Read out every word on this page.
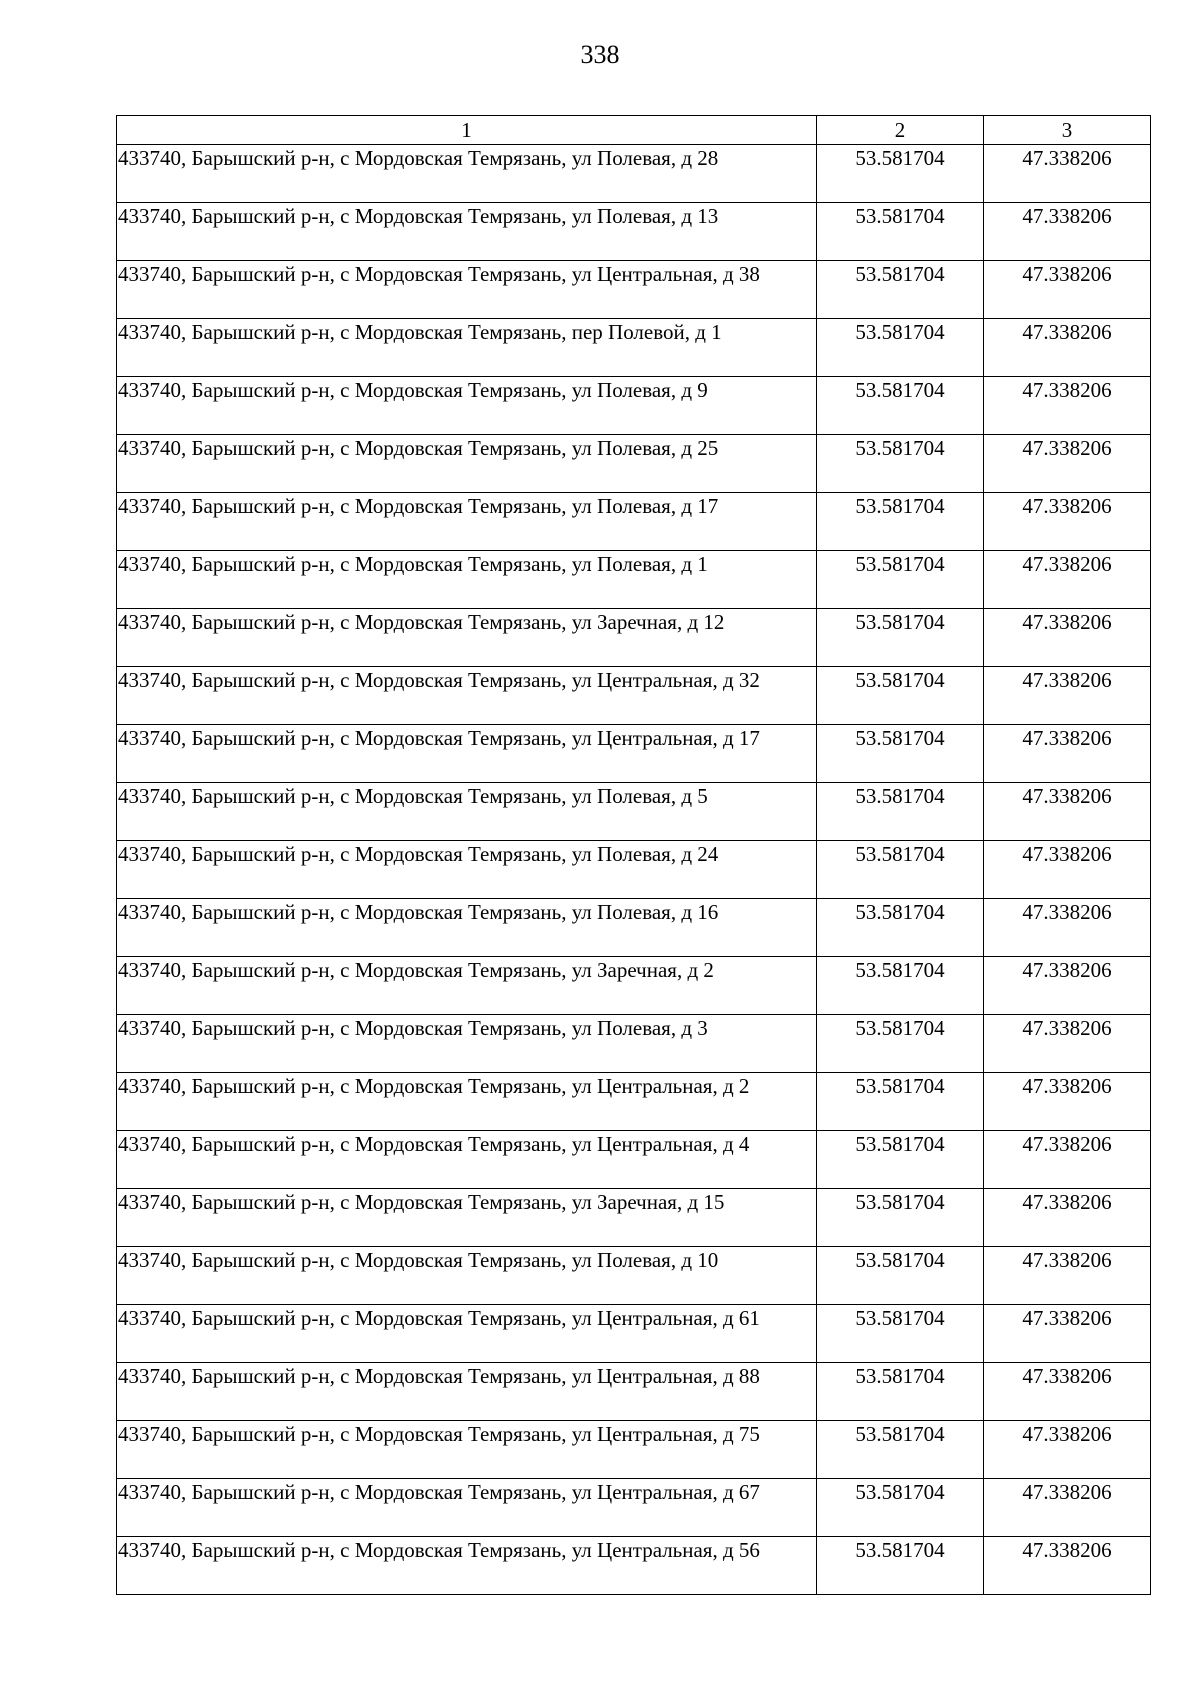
338
1	2	3
433740, Барышский р-н, с Мордовская Темрязань, ул Полевая, д 28	53.581704	47.338206
433740, Барышский р-н, с Мордовская Темрязань, ул Полевая, д 13	53.581704	47.338206
433740, Барышский р-н, с Мордовская Темрязань, ул Центральная, д 38	53.581704	47.338206
433740, Барышский р-н, с Мордовская Темрязань, пер Полевой, д 1	53.581704	47.338206
433740, Барышский р-н, с Мордовская Темрязань, ул Полевая, д 9	53.581704	47.338206
433740, Барышский р-н, с Мордовская Темрязань, ул Полевая, д 25	53.581704	47.338206
433740, Барышский р-н, с Мордовская Темрязань, ул Полевая, д 17	53.581704	47.338206
433740, Барышский р-н, с Мордовская Темрязань, ул Полевая, д 1	53.581704	47.338206
433740, Барышский р-н, с Мордовская Темрязань, ул Заречная, д 12	53.581704	47.338206
433740, Барышский р-н, с Мордовская Темрязань, ул Центральная, д 32	53.581704	47.338206
433740, Барышский р-н, с Мордовская Темрязань, ул Центральная, д 17	53.581704	47.338206
433740, Барышский р-н, с Мордовская Темрязань, ул Полевая, д 5	53.581704	47.338206
433740, Барышский р-н, с Мордовская Темрязань, ул Полевая, д 24	53.581704	47.338206
433740, Барышский р-н, с Мордовская Темрязань, ул Полевая, д 16	53.581704	47.338206
433740, Барышский р-н, с Мордовская Темрязань, ул Заречная, д 2	53.581704	47.338206
433740, Барышский р-н, с Мордовская Темрязань, ул Полевая, д 3	53.581704	47.338206
433740, Барышский р-н, с Мордовская Темрязань, ул Центральная, д 2	53.581704	47.338206
433740, Барышский р-н, с Мордовская Темрязань, ул Центральная, д 4	53.581704	47.338206
433740, Барышский р-н, с Мордовская Темрязань, ул Заречная, д 15	53.581704	47.338206
433740, Барышский р-н, с Мордовская Темрязань, ул Полевая, д 10	53.581704	47.338206
433740, Барышский р-н, с Мордовская Темрязань, ул Центральная, д 61	53.581704	47.338206
433740, Барышский р-н, с Мордовская Темрязань, ул Центральная, д 88	53.581704	47.338206
433740, Барышский р-н, с Мордовская Темрязань, ул Центральная, д 75	53.581704	47.338206
433740, Барышский р-н, с Мордовская Темрязань, ул Центральная, д 67	53.581704	47.338206
433740, Барышский р-н, с Мордовская Темрязань, ул Центральная, д 56	53.581704	47.338206
